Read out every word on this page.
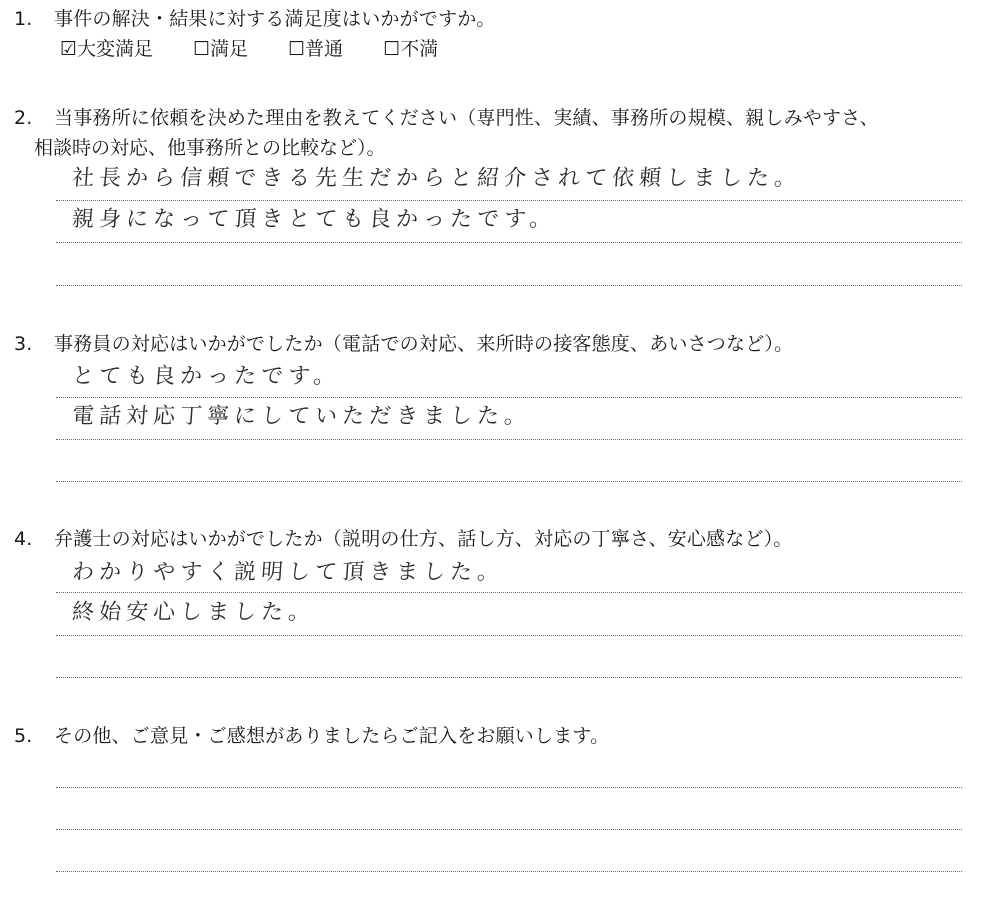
1. 事件の解決・結果に対する満足度はいかがですか。
☑大変満足 ☐満足 ☐普通 ☐不満
2. 当事務所に依頼を決めた理由を教えてください（専門性、実績、事務所の規模、親しみやすさ、
相談時の対応、他事務所との比較など）。
社長から信頼できる先生だからと紹介されて依頼しました。
親身になって頂きとても良かったです。
3. 事務員の対応はいかがでしたか（電話での対応、来所時の接客態度、あいさつなど）。
とても良かったです。
電話対応丁寧にしていただきました。
4. 弁護士の対応はいかがでしたか（説明の仕方、話し方、対応の丁寧さ、安心感など）。
わかりやすく説明して頂きました。
終始安心しました。
5. その他、ご意見・ご感想がありましたらご記入をお願いします。
